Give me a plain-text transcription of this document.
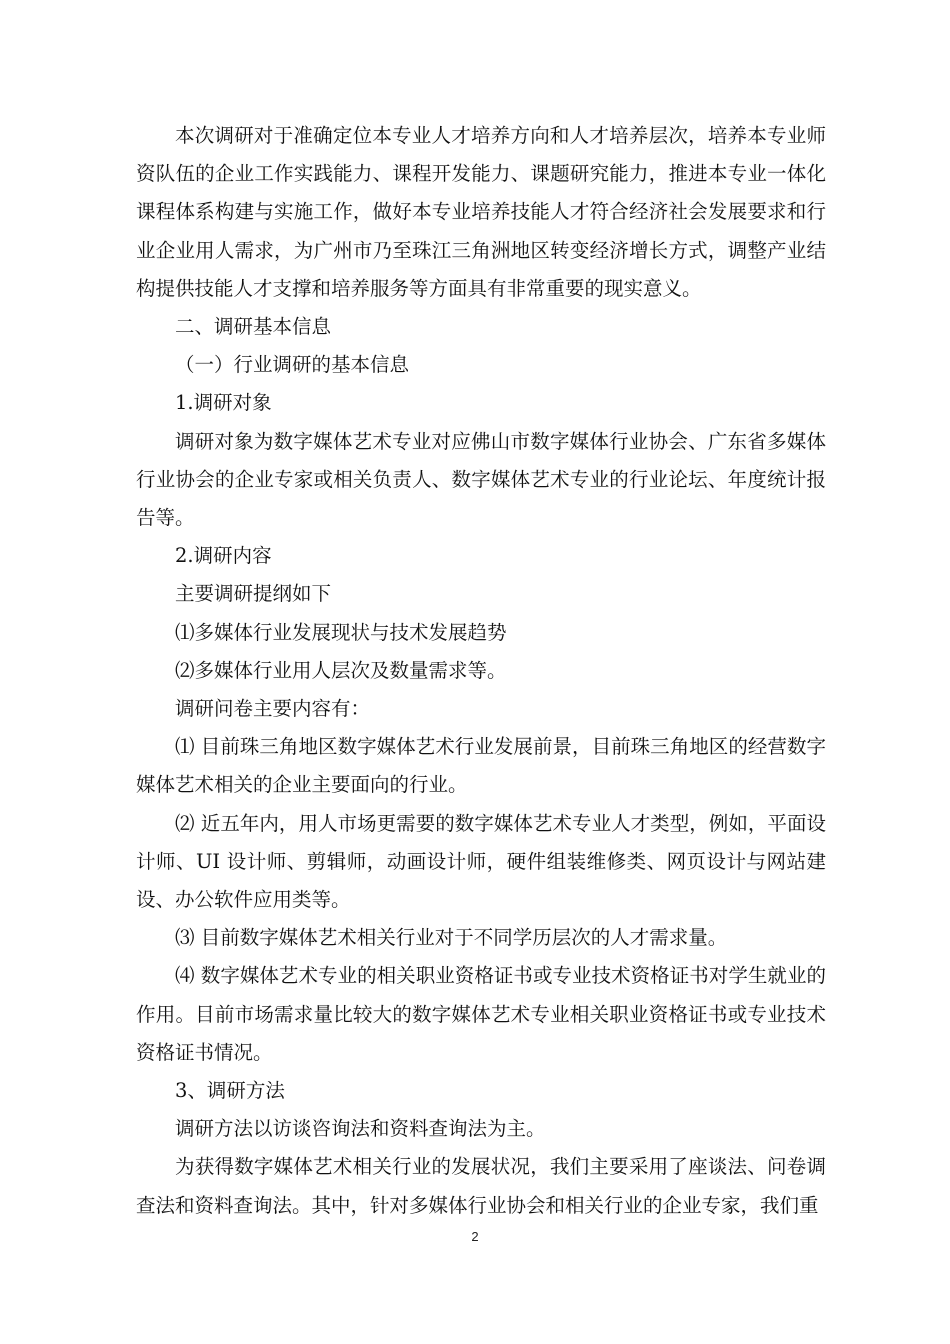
本次调研对于准确定位本专业人才培养方向和人才培养层次，培养本专业师资队伍的企业工作实践能力、课程开发能力、课题研究能力，推进本专业一体化课程体系构建与实施工作，做好本专业培养技能人才符合经济社会发展要求和行业企业用人需求，为广州市乃至珠江三角洲地区转变经济增长方式，调整产业结构提供技能人才支撑和培养服务等方面具有非常重要的现实意义。

二、调研基本信息

（一）行业调研的基本信息

1.调研对象

调研对象为数字媒体艺术专业对应佛山市数字媒体行业协会、广东省多媒体行业协会的企业专家或相关负责人、数字媒体艺术专业的行业论坛、年度统计报告等。

2.调研内容

主要调研提纲如下

⑴多媒体行业发展现状与技术发展趋势

⑵多媒体行业用人层次及数量需求等。

调研问卷主要内容有：

⑴ 目前珠三角地区数字媒体艺术行业发展前景，目前珠三角地区的经营数字媒体艺术相关的企业主要面向的行业。

⑵ 近五年内，用人市场更需要的数字媒体艺术专业人才类型，例如，平面设计师、UI 设计师、剪辑师，动画设计师，硬件组装维修类、网页设计与网站建设、办公软件应用类等。

⑶ 目前数字媒体艺术相关行业对于不同学历层次的人才需求量。

⑷ 数字媒体艺术专业的相关职业资格证书或专业技术资格证书对学生就业的作用。目前市场需求量比较大的数字媒体艺术专业相关职业资格证书或专业技术资格证书情况。

3、调研方法

调研方法以访谈咨询法和资料查询法为主。

为获得数字媒体艺术相关行业的发展状况，我们主要采用了座谈法、问卷调查法和资料查询法。其中，针对多媒体行业协会和相关行业的企业专家，我们重

2
